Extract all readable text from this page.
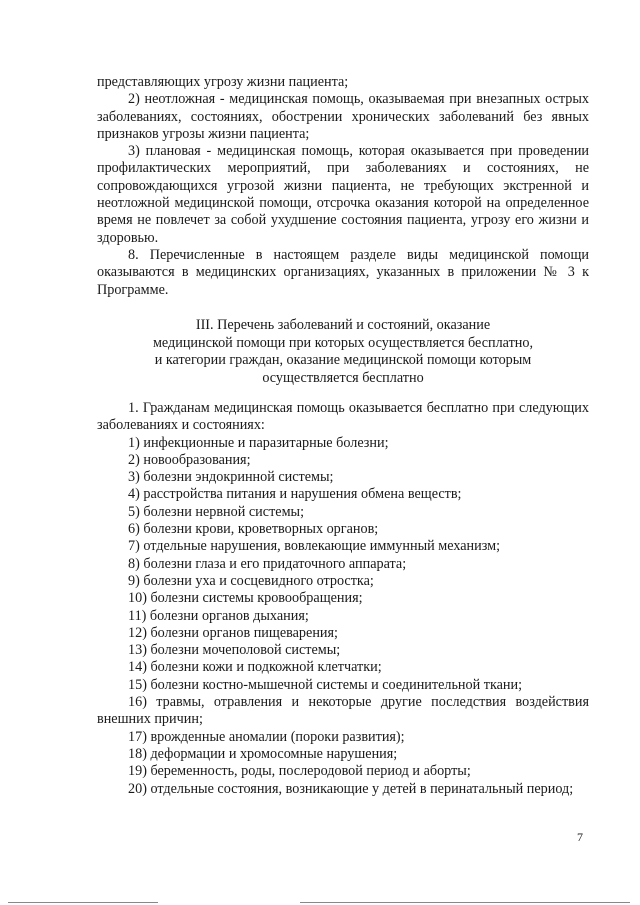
представляющих угрозу жизни пациента;

2) неотложная - медицинская помощь, оказываемая при внезапных острых заболеваниях, состояниях, обострении хронических заболеваний без явных признаков угрозы жизни пациента;

3) плановая - медицинская помощь, которая оказывается при проведении профилактических мероприятий, при заболеваниях и состояниях, не сопровождающихся угрозой жизни пациента, не требующих экстренной и неотложной медицинской помощи, отсрочка оказания которой на определенное время не повлечет за собой ухудшение состояния пациента, угрозу его жизни и здоровью.

8. Перечисленные в настоящем разделе виды медицинской помощи оказываются в медицинских организациях, указанных в приложении № 3 к Программе.

III. Перечень заболеваний и состояний, оказание
медицинской помощи при которых осуществляется бесплатно,
и категории граждан, оказание медицинской помощи которым
осуществляется бесплатно

1. Гражданам медицинская помощь оказывается бесплатно при следующих заболеваниях и состояниях:

1) инфекционные и паразитарные болезни;

2) новообразования;

3) болезни эндокринной системы;

4) расстройства питания и нарушения обмена веществ;

5) болезни нервной системы;

6) болезни крови, кроветворных органов;

7) отдельные нарушения, вовлекающие иммунный механизм;

8) болезни глаза и его придаточного аппарата;

9) болезни уха и сосцевидного отростка;

10) болезни системы кровообращения;

11) болезни органов дыхания;

12) болезни органов пищеварения;

13) болезни мочеполовой системы;

14) болезни кожи и подкожной клетчатки;

15) болезни костно-мышечной системы и соединительной ткани;

16) травмы, отравления и некоторые другие последствия воздействия внешних причин;

17) врожденные аномалии (пороки развития);

18) деформации и хромосомные нарушения;

19) беременность, роды, послеродовой период и аборты;

20) отдельные состояния, возникающие у детей в перинатальный период;

7
